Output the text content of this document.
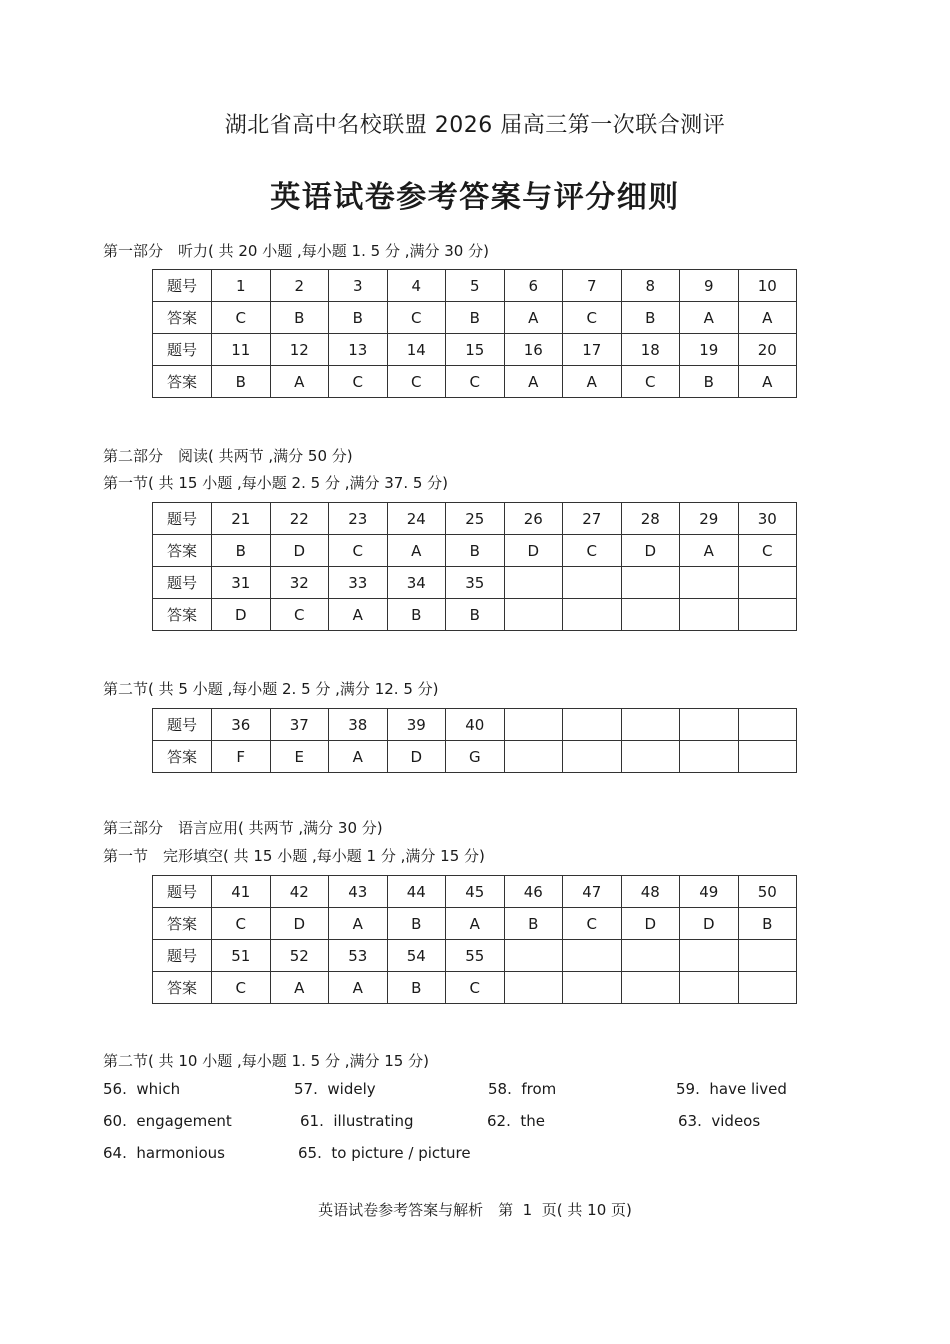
湖北省高中名校联盟 2026 届高三第一次联合测评
英语试卷参考答案与评分细则
第一部分　听力( 共 20 小题 ,每小题 1. 5 分 ,满分 30 分)
题号	1	2	3	4	5	6	7	8	9	10
答案	C	B	B	C	B	A	C	B	A	A
题号	11	12	13	14	15	16	17	18	19	20
答案	B	A	C	C	C	A	A	C	B	A
第二部分　阅读( 共两节 ,满分 50 分)
第一节( 共 15 小题 ,每小题 2. 5 分 ,满分 37. 5 分)
题号	21	22	23	24	25	26	27	28	29	30
答案	B	D	C	A	B	D	C	D	A	C
题号	31	32	33	34	35					
答案	D	C	A	B	B					
第二节( 共 5 小题 ,每小题 2. 5 分 ,满分 12. 5 分)
题号	36	37	38	39	40					
答案	F	E	A	D	G					
第三部分　语言应用( 共两节 ,满分 30 分)
第一节　完形填空( 共 15 小题 ,每小题 1 分 ,满分 15 分)
题号	41	42	43	44	45	46	47	48	49	50
答案	C	D	A	B	A	B	C	D	D	B
题号	51	52	53	54	55					
答案	C	A	A	B	C					
第二节( 共 10 小题 ,每小题 1. 5 分 ,满分 15 分)
56.  which	57.  widely	58.  from	59.  have lived
60.  engagement	61.  illustrating	62.  the	63.  videos
64.  harmonious	65.  to picture / picture
英语试卷参考答案与解析　第  1  页( 共 10 页)
